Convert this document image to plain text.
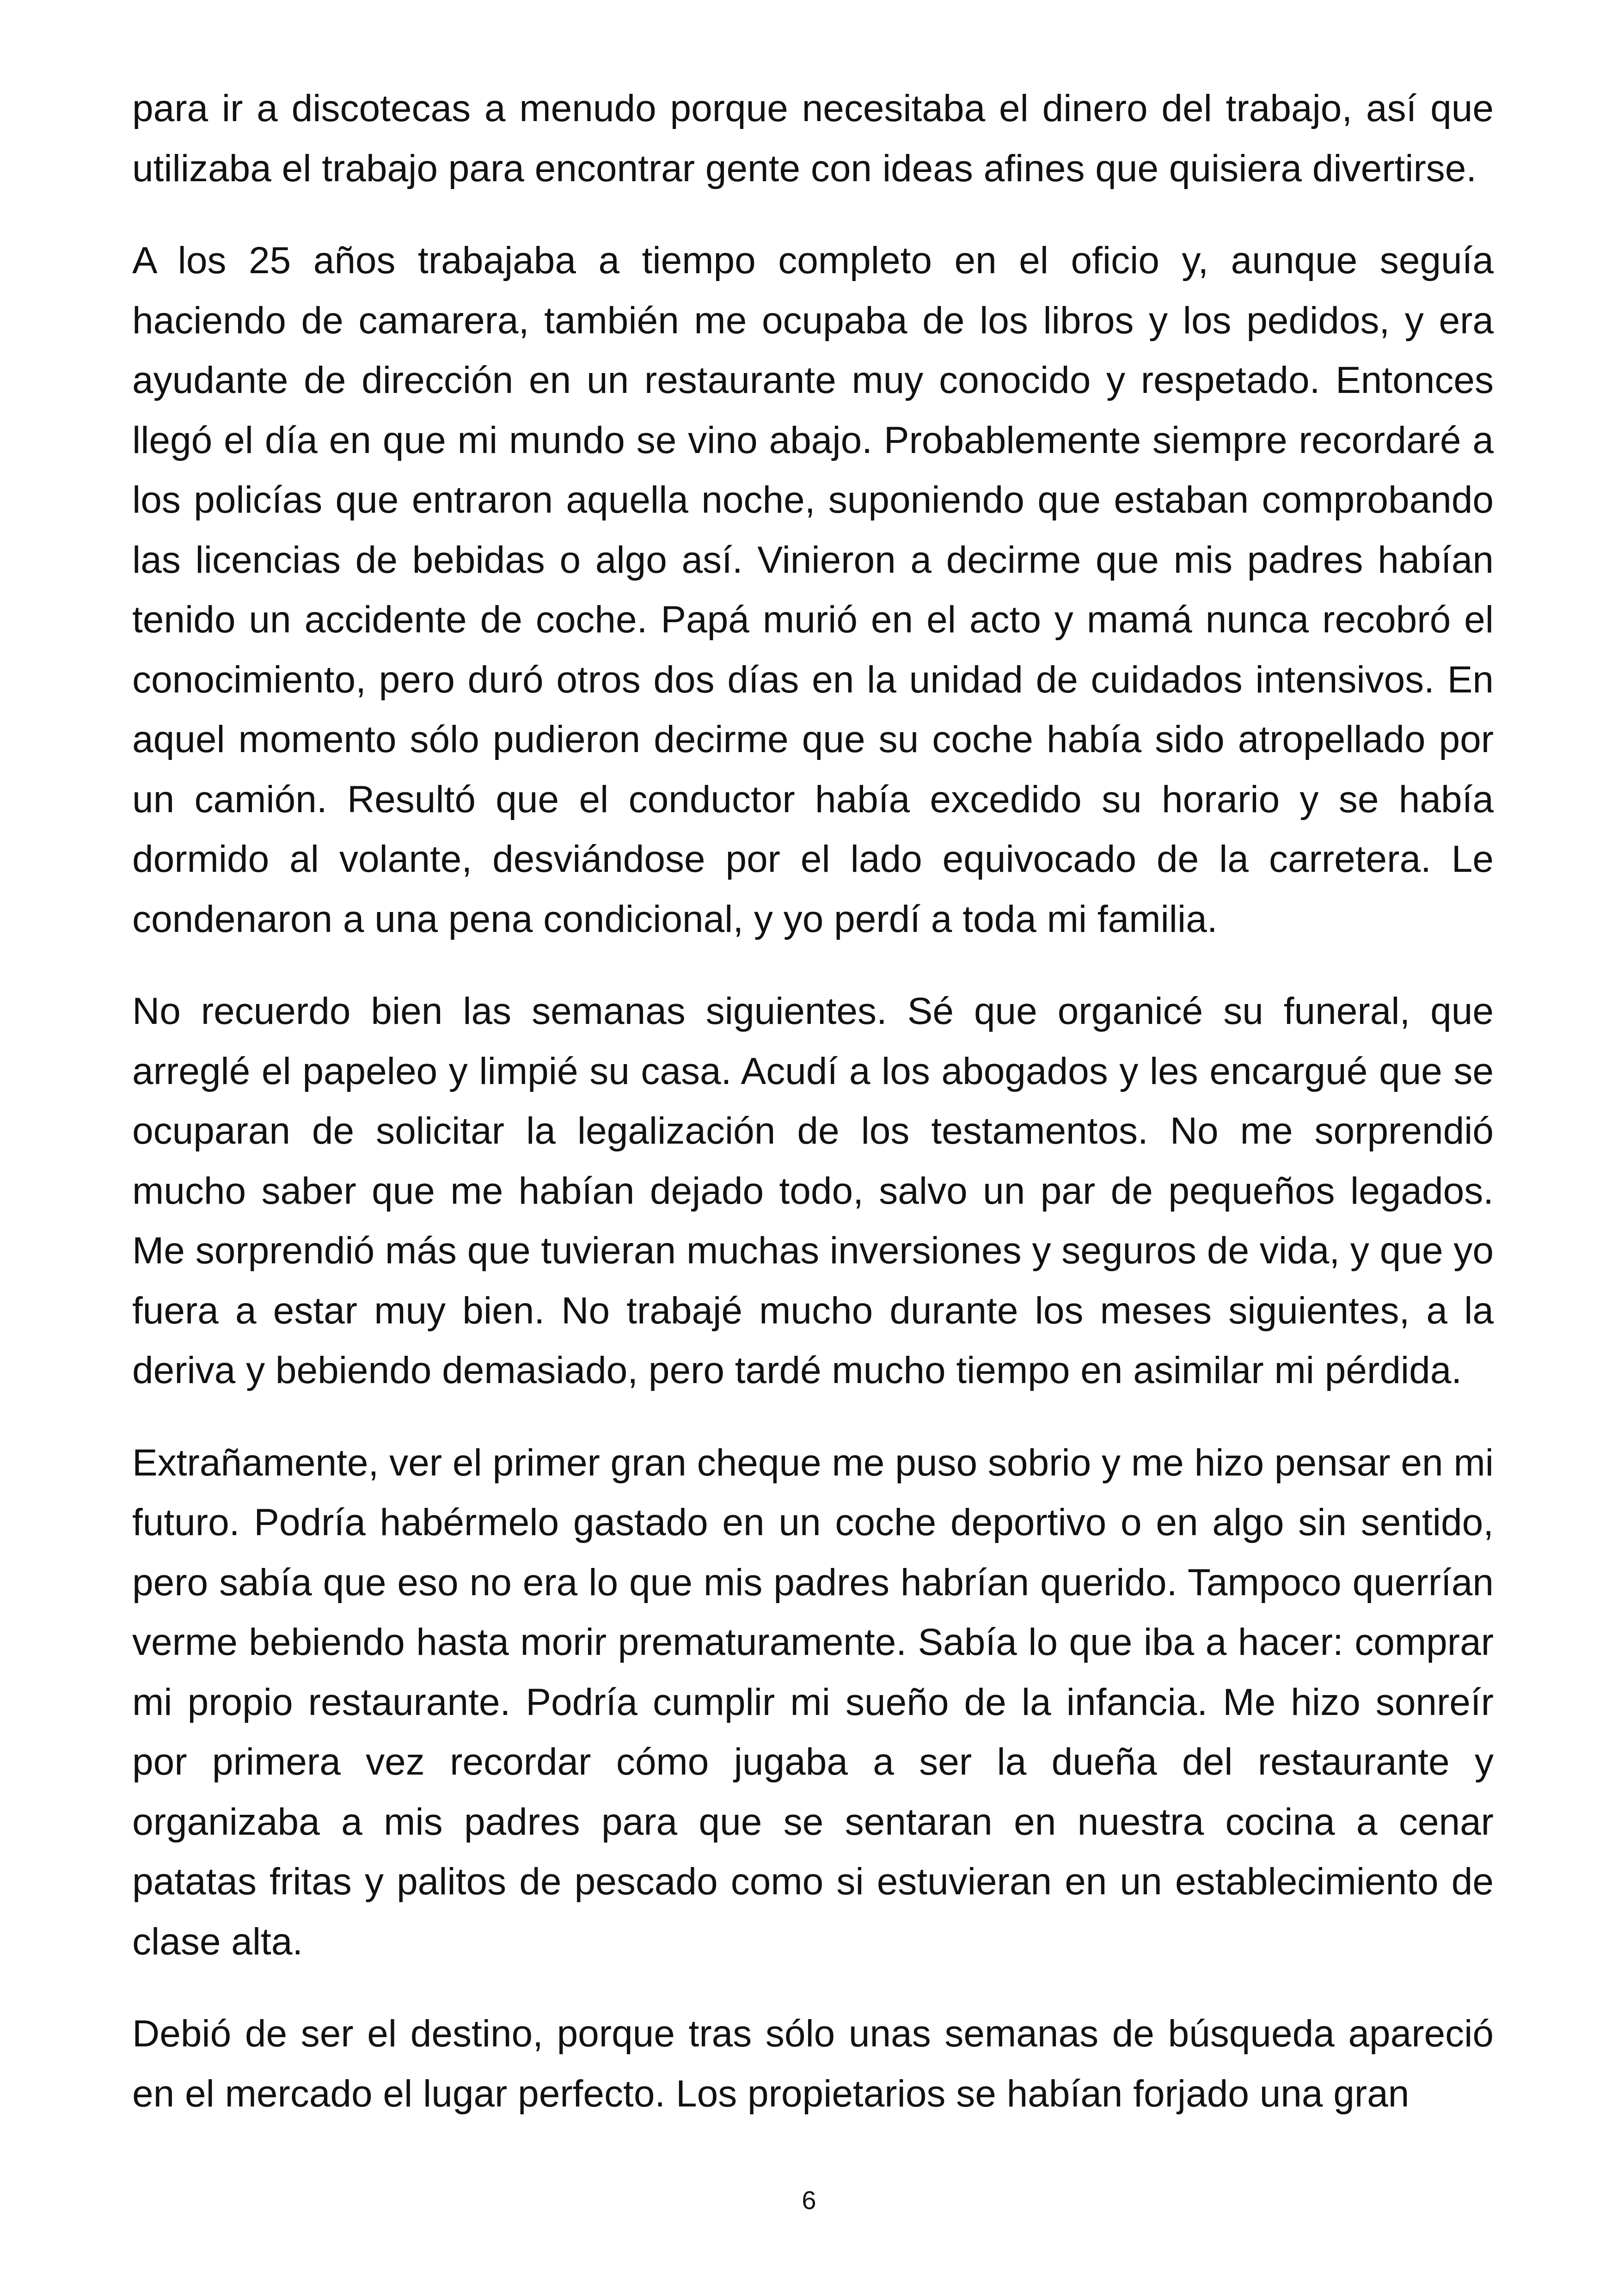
para ir a discotecas a menudo porque necesitaba el dinero del trabajo, así que utilizaba el trabajo para encontrar gente con ideas afines que quisiera divertirse.

A los 25 años trabajaba a tiempo completo en el oficio y, aunque seguía haciendo de camarera, también me ocupaba de los libros y los pedidos, y era ayudante de dirección en un restaurante muy conocido y respetado. Entonces llegó el día en que mi mundo se vino abajo. Probablemente siempre recordaré a los policías que entraron aquella noche, suponiendo que estaban comprobando las licencias de bebidas o algo así. Vinieron a decirme que mis padres habían tenido un accidente de coche. Papá murió en el acto y mamá nunca recobró el conocimiento, pero duró otros dos días en la unidad de cuidados intensivos. En aquel momento sólo pudieron decirme que su coche había sido atropellado por un camión. Resultó que el conductor había excedido su horario y se había dormido al volante, desviándose por el lado equivocado de la carretera. Le condenaron a una pena condicional, y yo perdí a toda mi familia.

No recuerdo bien las semanas siguientes. Sé que organicé su funeral, que arreglé el papeleo y limpié su casa. Acudí a los abogados y les encargué que se ocuparan de solicitar la legalización de los testamentos. No me sorprendió mucho saber que me habían dejado todo, salvo un par de pequeños legados. Me sorprendió más que tuvieran muchas inversiones y seguros de vida, y que yo fuera a estar muy bien. No trabajé mucho durante los meses siguientes, a la deriva y bebiendo demasiado, pero tardé mucho tiempo en asimilar mi pérdida.

Extrañamente, ver el primer gran cheque me puso sobrio y me hizo pensar en mi futuro. Podría habérmelo gastado en un coche deportivo o en algo sin sentido, pero sabía que eso no era lo que mis padres habrían querido. Tampoco querrían verme bebiendo hasta morir prematuramente. Sabía lo que iba a hacer: comprar mi propio restaurante. Podría cumplir mi sueño de la infancia. Me hizo sonreír por primera vez recordar cómo jugaba a ser la dueña del restaurante y organizaba a mis padres para que se sentaran en nuestra cocina a cenar patatas fritas y palitos de pescado como si estuvieran en un establecimiento de clase alta.

Debió de ser el destino, porque tras sólo unas semanas de búsqueda apareció en el mercado el lugar perfecto. Los propietarios se habían forjado una gran

6
